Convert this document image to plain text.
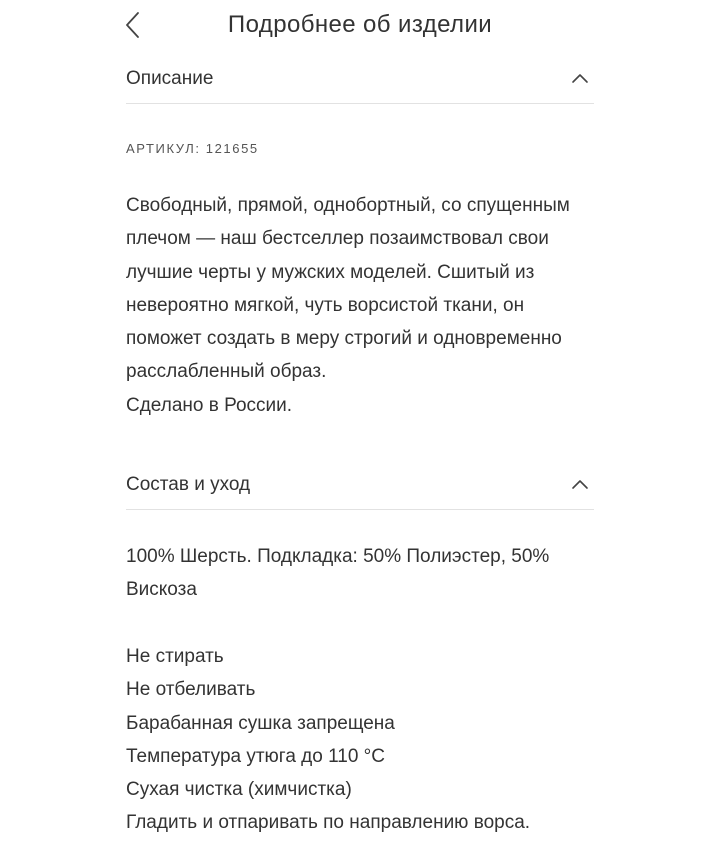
Подробнее об изделии
Описание
АРТИКУЛ: 121655
Свободный, прямой, однобортный, со спущенным
плечом — наш бестселлер позаимствовал свои
лучшие черты у мужских моделей. Сшитый из
невероятно мягкой, чуть ворсистой ткани, он
поможет создать в меру строгий и одновременно
расслабленный образ.
Сделано в России.
Состав и уход
100% Шерсть. Подкладка: 50% Полиэстер, 50%
Вискоза
Не стирать
Не отбеливать
Барабанная сушка запрещена
Температура утюга до 110 °С
Сухая чистка (химчистка)
Гладить и отпаривать по направлению ворса.
